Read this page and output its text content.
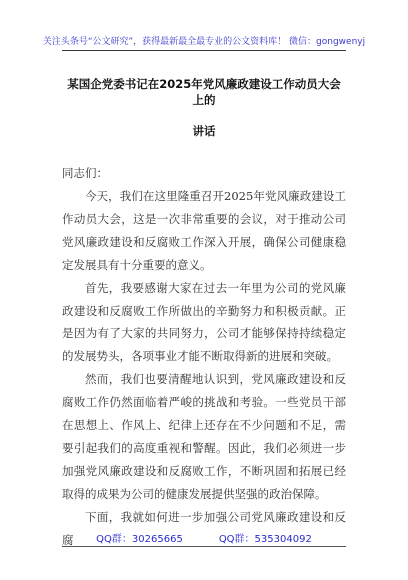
关注头条号“公文研究”，获得最新最全最专业的公文资料库！ 微信：gongwenyj
某国企党委书记在2025年党风廉政建设工作动员大会上的
讲话
同志们：

今天，我们在这里隆重召开2025年党风廉政建设工作动员大会，这是一次非常重要的会议，对于推动公司党风廉政建设和反腐败工作深入开展，确保公司健康稳定发展具有十分重要的意义。

首先，我要感谢大家在过去一年里为公司的党风廉政建设和反腐败工作所做出的辛勤努力和积极贡献。正是因为有了大家的共同努力，公司才能够保持持续稳定的发展势头，各项事业才能不断取得新的进展和突破。

然而，我们也要清醒地认识到，党风廉政建设和反腐败工作仍然面临着严峻的挑战和考验。一些党员干部在思想上、作风上、纪律上还存在不少问题和不足，需要引起我们的高度重视和警醒。因此，我们必须进一步加强党风廉政建设和反腐败工作，不断巩固和拓展已经取得的成果为公司的健康发展提供坚强的政治保障。

下面，我就如何进一步加强公司党风廉政建设和反腐	QQ群：30265665	QQ群：535304092
